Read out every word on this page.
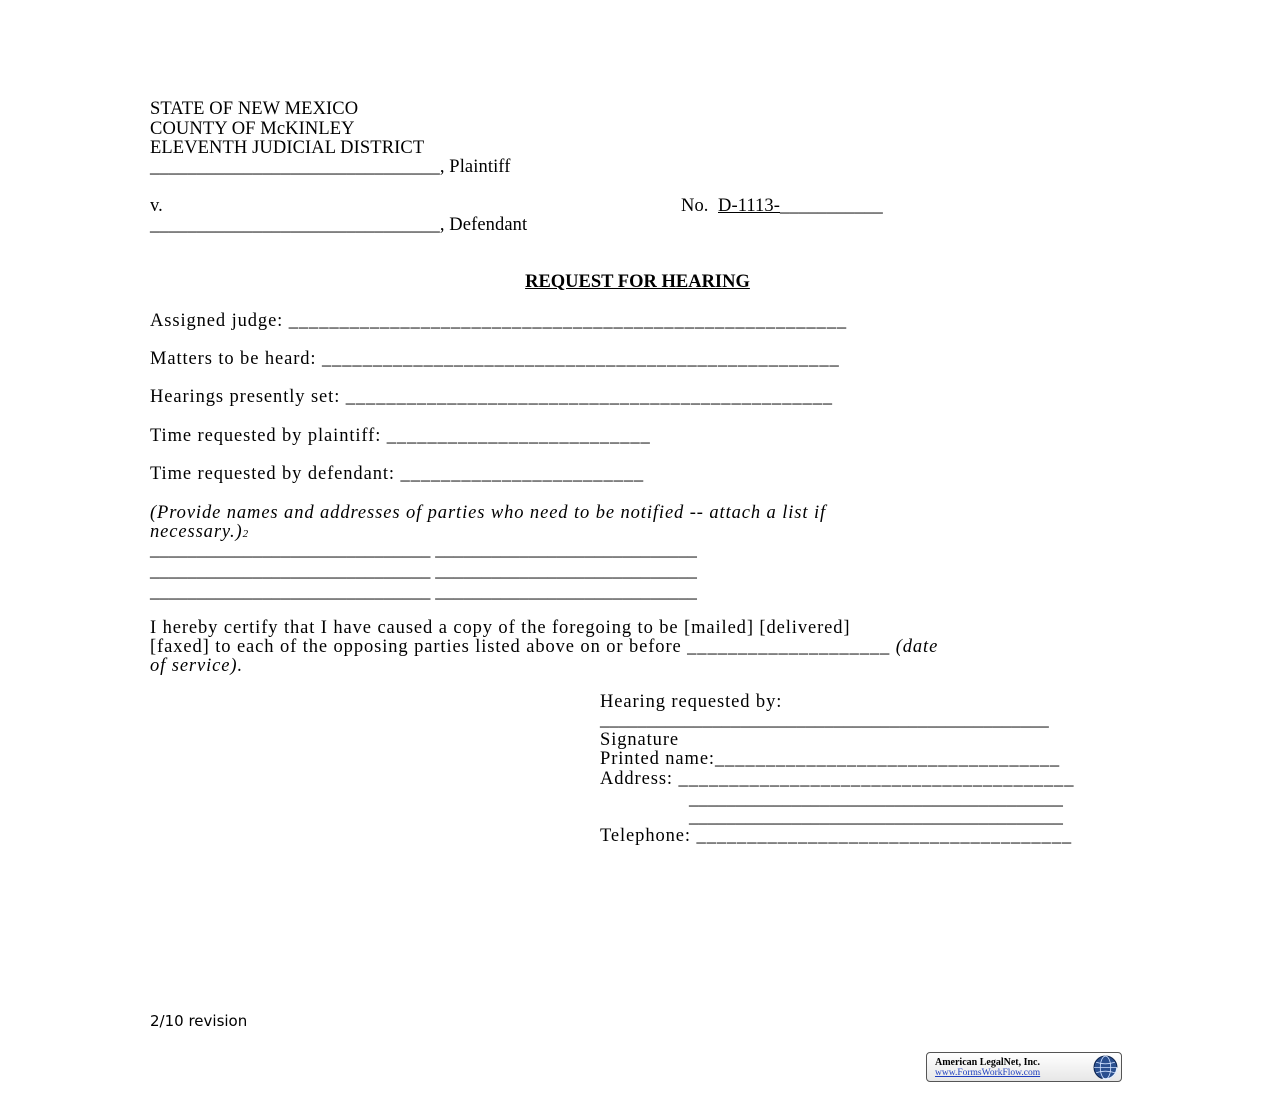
STATE OF NEW MEXICO
COUNTY OF McKINLEY
ELEVENTH JUDICIAL DISTRICT
_______________________________, Plaintiff
v.	No. D-1113-___________
_______________________________, Defendant
REQUEST FOR HEARING
Assigned judge: _______________________________________________________
Matters to be heard: ___________________________________________________
Hearings presently set: ________________________________________________
Time requested by plaintiff: __________________________
Time requested by defendant: ________________________
(Provide names and addresses of parties who need to be notified -- attach a list if
necessary.)2
______________________________ ____________________________
______________________________ ____________________________
______________________________ ____________________________
I hereby certify that I have caused a copy of the foregoing to be [mailed] [delivered]
[faxed] to each of the opposing parties listed above on or before ____________________ (date
of service).
Hearing requested by:
________________________________________________
Signature
Printed name:__________________________________
Address: _______________________________________
________________________________________
________________________________________
Telephone: _____________________________________
2/10 revision
American LegalNet, Inc.
www.FormsWorkFlow.com
